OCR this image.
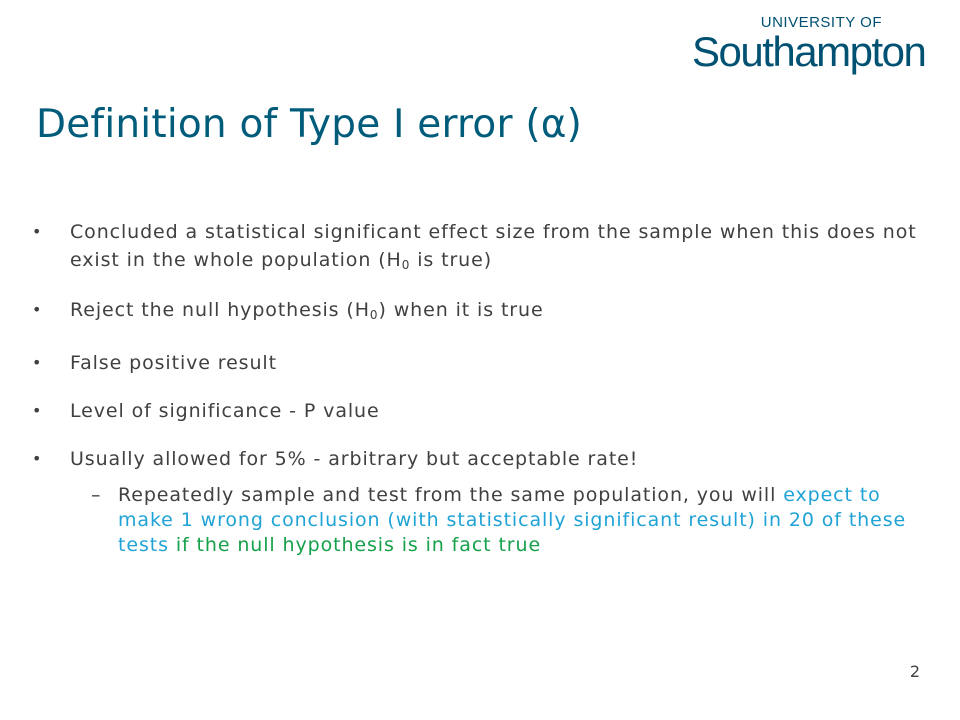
UNIVERSITY OF
Southampton
Definition of Type I error (α)

• Concluded a statistical significant effect size from the sample when this does not exist in the whole population ($H_0$ is true)

• Reject the null hypothesis $(H_0)$ when it is true

• False positive result

• Level of significance - P value

• Usually allowed for 5% - arbitrary but acceptable rate!

– Repeatedly sample and test from the same population, you will expect to make 1 wrong conclusion (with statistically significant result) in 20 of these tests if the null hypothesis is in fact true

2
